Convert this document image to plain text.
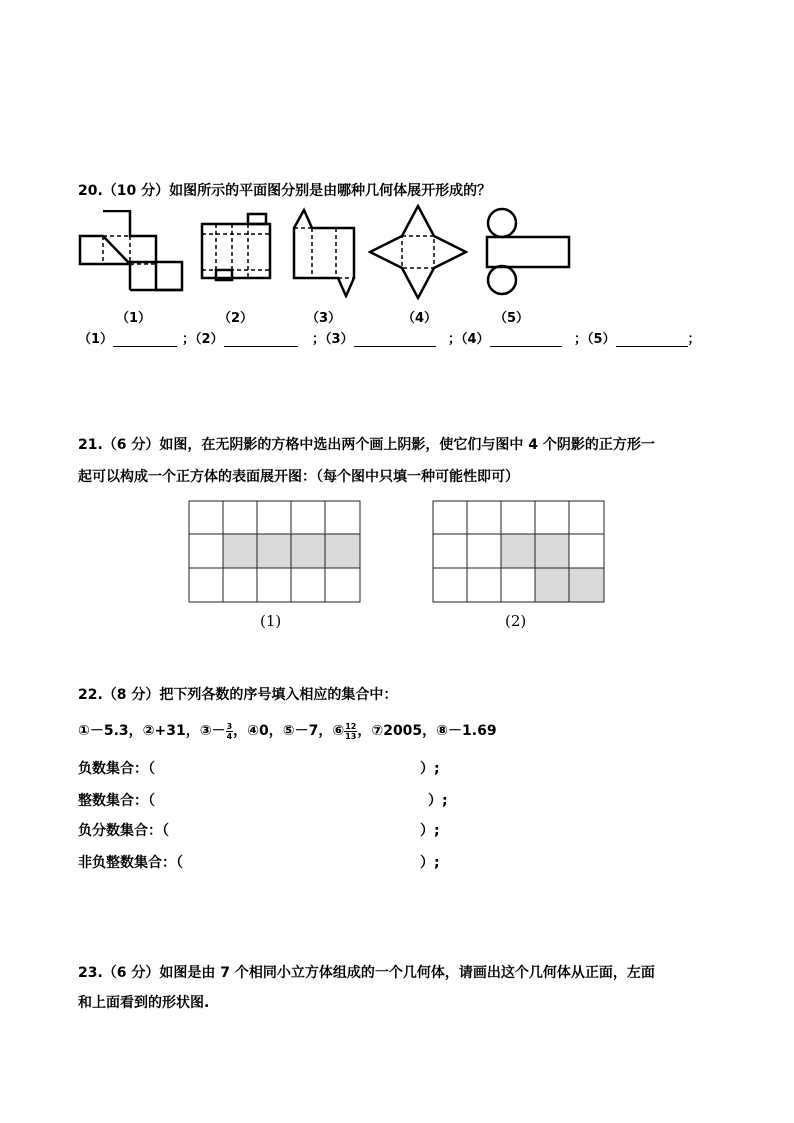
20.（10 分）如图所示的平面图分别是由哪种几何体展开形成的？
（1）	（2）	（3）	（4）	（5）
（1）	；（2）	；（3）	；（4）	；（5）	；
21.（6 分）如图，在无阴影的方格中选出两个画上阴影，使它们与图中 4 个阴影的正方形一
起可以构成一个正方体的表面展开图：（每个图中只填一种可能性即可）
(1)	(2)
22.（8 分）把下列各数的序号填入相应的集合中：
①－5.3，②+31，③－ $\frac{3}{4}$ ，④0，⑤－7，⑥ $\frac{12}{13}$ ，⑦2005，⑧－1.69
负数集合：（	）;
整数集合：（	）;
负分数集合：（	）;
非负整数集合：（	）;
23.（6 分）如图是由 7 个相同小立方体组成的一个几何体，请画出这个几何体从正面，左面
和上面看到的形状图.
